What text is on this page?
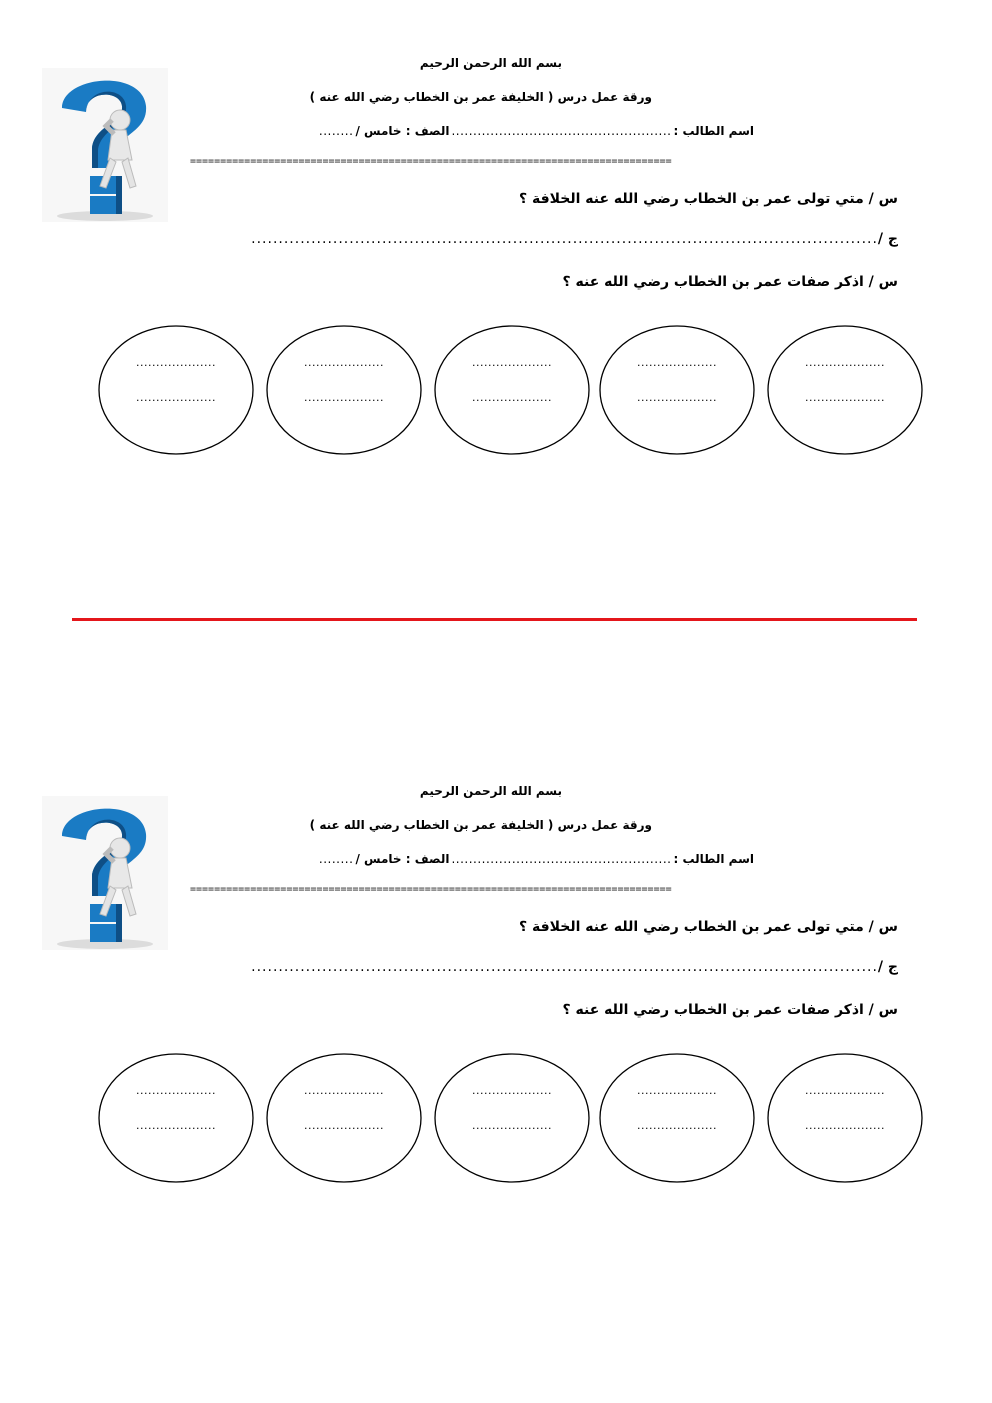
بسم الله الرحمن الرحيم
ورقة عمل درس ( الخليفة عمر بن الخطاب رضي الله عنه )
اسم الطالب :
...................................................
الصف : خامس /
........
================================================================================
س / متي تولى عمر بن الخطاب رضي الله عنه الخلافة ؟
ج /
...................................................................................................................
س / اذكر صفات عمر بن الخطاب رضي الله عنه ؟
....................
....................
....................
....................
....................
....................
....................
....................
....................
....................
بسم الله الرحمن الرحيم
ورقة عمل درس ( الخليفة عمر بن الخطاب رضي الله عنه )
اسم الطالب :
...................................................
الصف : خامس /
........
================================================================================
س / متي تولى عمر بن الخطاب رضي الله عنه الخلافة ؟
ج /
...................................................................................................................
س / اذكر صفات عمر بن الخطاب رضي الله عنه ؟
....................
....................
....................
....................
....................
....................
....................
....................
....................
....................
